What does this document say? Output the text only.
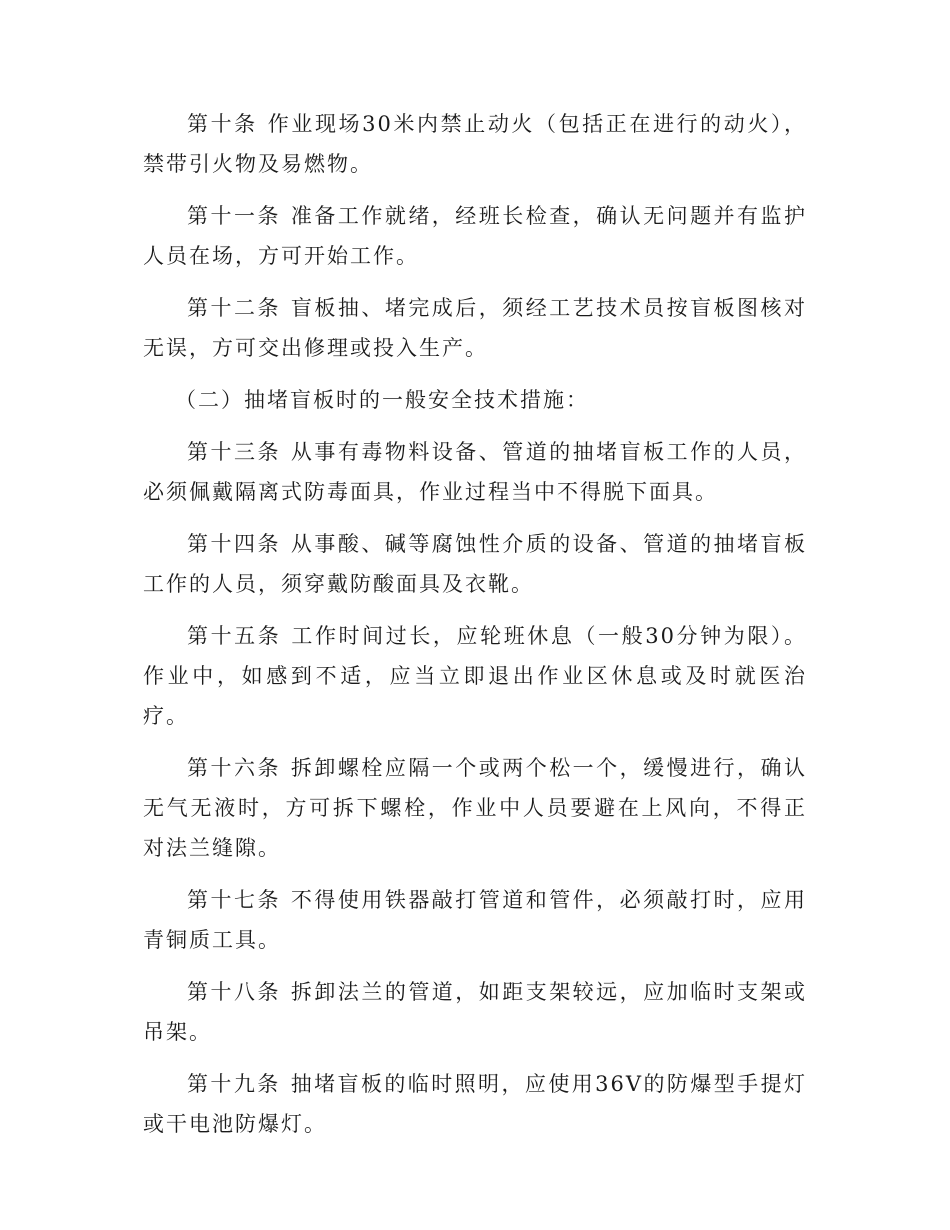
第十条 作业现场30米内禁止动火（包括正在进行的动火），禁带引火物及易燃物。

第十一条 准备工作就绪，经班长检查，确认无问题并有监护人员在场，方可开始工作。

第十二条 盲板抽、堵完成后，须经工艺技术员按盲板图核对无误，方可交出修理或投入生产。

（二）抽堵盲板时的一般安全技术措施：

第十三条 从事有毒物料设备、管道的抽堵盲板工作的人员，必须佩戴隔离式防毒面具，作业过程当中不得脱下面具。

第十四条 从事酸、碱等腐蚀性介质的设备、管道的抽堵盲板工作的人员，须穿戴防酸面具及衣靴。

第十五条 工作时间过长，应轮班休息（一般30分钟为限）。作业中，如感到不适，应当立即退出作业区休息或及时就医治疗。

第十六条 拆卸螺栓应隔一个或两个松一个，缓慢进行，确认无气无液时，方可拆下螺栓，作业中人员要避在上风向，不得正对法兰缝隙。

第十七条 不得使用铁器敲打管道和管件，必须敲打时，应用青铜质工具。

第十八条 拆卸法兰的管道，如距支架较远，应加临时支架或吊架。

第十九条 抽堵盲板的临时照明，应使用36V的防爆型手提灯或干电池防爆灯。
